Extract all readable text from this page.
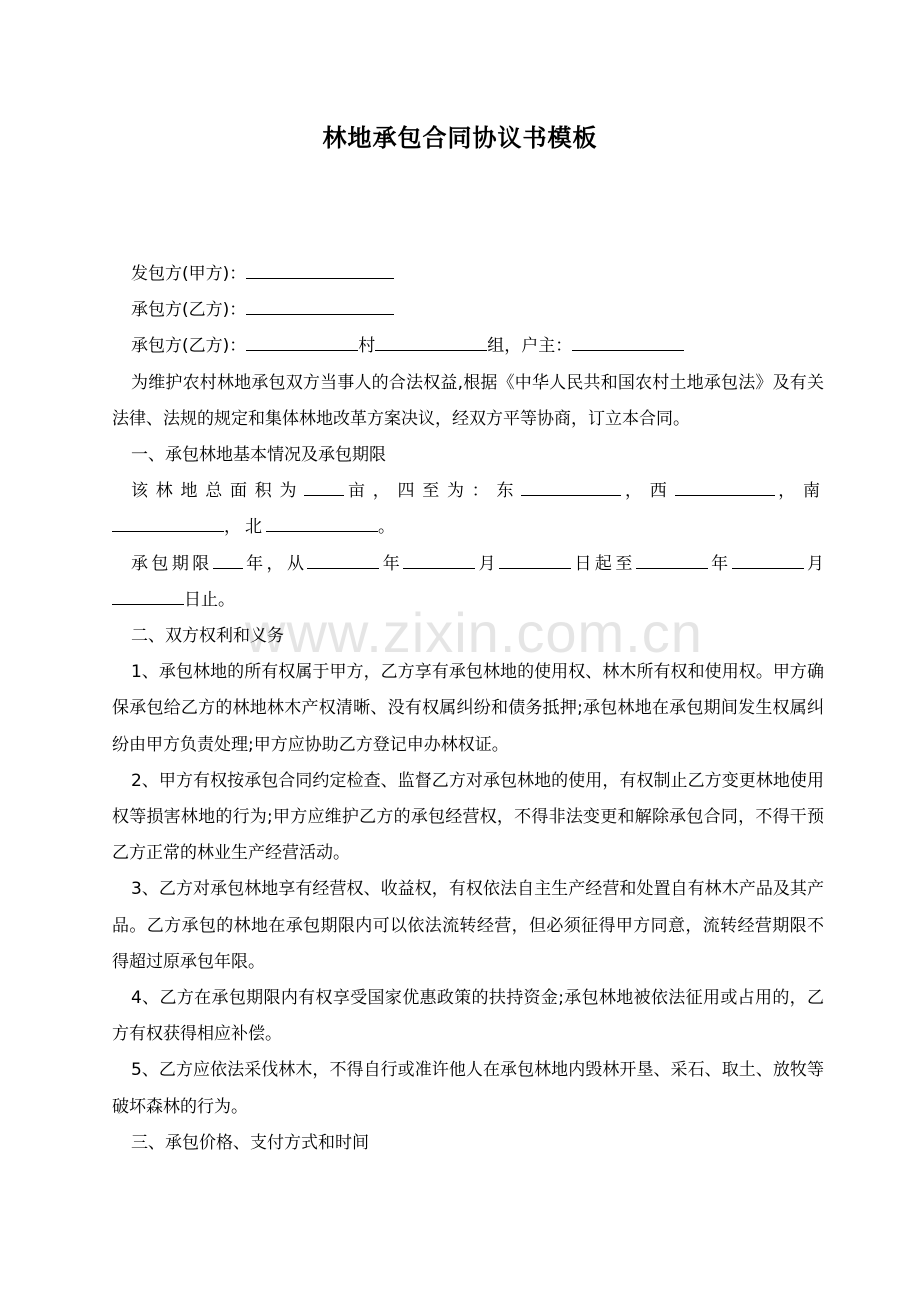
www.zixin.com.cn
林地承包合同协议书模板

发包方(甲方)：

承包方(乙方)：

承包方(乙方)：	村	组，户主：

为维护农村林地承包双方当事人的合法权益,根据《中华人民共和国农村土地承包法》及有关法律、法规的规定和集体林地改革方案决议，经双方平等协商，订立本合同。

一、承包林地基本情况及承包期限

该林地总面积为 亩，四至为：东	，西	，南，北	。

承包期限 年，从	年	月	日起至	年	月日止。

二、双方权利和义务

1、承包林地的所有权属于甲方，乙方享有承包林地的使用权、林木所有权和使用权。甲方确保承包给乙方的林地林木产权清晰、没有权属纠纷和债务抵押;承包林地在承包期间发生权属纠纷由甲方负责处理;甲方应协助乙方登记申办林权证。

2、甲方有权按承包合同约定检查、监督乙方对承包林地的使用，有权制止乙方变更林地使用权等损害林地的行为;甲方应维护乙方的承包经营权，不得非法变更和解除承包合同，不得干预乙方正常的林业生产经营活动。

3、乙方对承包林地享有经营权、收益权，有权依法自主生产经营和处置自有林木产品及其产品。乙方承包的林地在承包期限内可以依法流转经营，但必须征得甲方同意，流转经营期限不得超过原承包年限。

4、乙方在承包期限内有权享受国家优惠政策的扶持资金;承包林地被依法征用或占用的，乙方有权获得相应补偿。

5、乙方应依法采伐林木，不得自行或准许他人在承包林地内毁林开垦、采石、取土、放牧等破坏森林的行为。

三、承包价格、支付方式和时间
